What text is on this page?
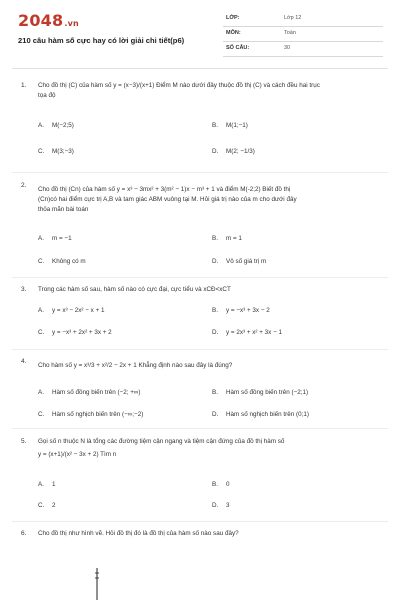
2048.vn
210 câu hàm số cực hay có lời giải chi tiết(p6)
LỚP:	Lớp 12
MÔN:	Toán
SỐ CÂU:	30
1. Cho đồ thị (C) của hàm số y = (x−3)/(x+1) Điểm M nào dưới đây thuộc đồ thị (C) và cách đều hai trục
tọa độ
A. M(−2;5)	B. M(1;−1)
C. M(3;−3)	D. M(2; −1/3)
2.
Cho đồ thị (Cn) của hàm số y = x³ − 3mx² + 3(m² − 1)x − m³ + 1 và điểm M(-2;2) Biết đồ thị
(Cn)có hai điểm cực trị A,B và tam giác ABM vuông tại M. Hỏi giá trị nào của m cho dưới đây
thỏa mãn bài toán
A. m = −1	B. m = 1
C. Không có m	D. Vô số giá trị m
3. Trong các hàm số sau, hàm số nào có cực đại, cực tiểu và xCĐ<xCT
A. y = x³ − 2x² − x + 1	B. y = −x³ + 3x − 2
C. y = −x³ + 2x² + 3x + 2	D. y = 2x³ + x² + 3x − 1
4.
Cho hàm số y = x³/3 + x²/2 − 2x + 1 Khẳng định nào sau đây là đúng?
A. Hàm số đồng biến trên (−2; +∞)	B. Hàm số đồng biến trên (−2;1)
C. Hàm số nghịch biến trên (−∞;−2)	D. Hàm số nghịch biến trên (0;1)
5. Gọi số n thuộc N là tổng các đường tiệm cận ngang và tiệm cận đứng của đồ thị hàm số
y = (x+1)/(x² − 3x + 2) Tìm n
A. 1	B. 0
C. 2	D. 3
6. Cho đồ thị như hình vẽ. Hỏi đồ thị đó là đồ thị của hàm số nào sau đây?
